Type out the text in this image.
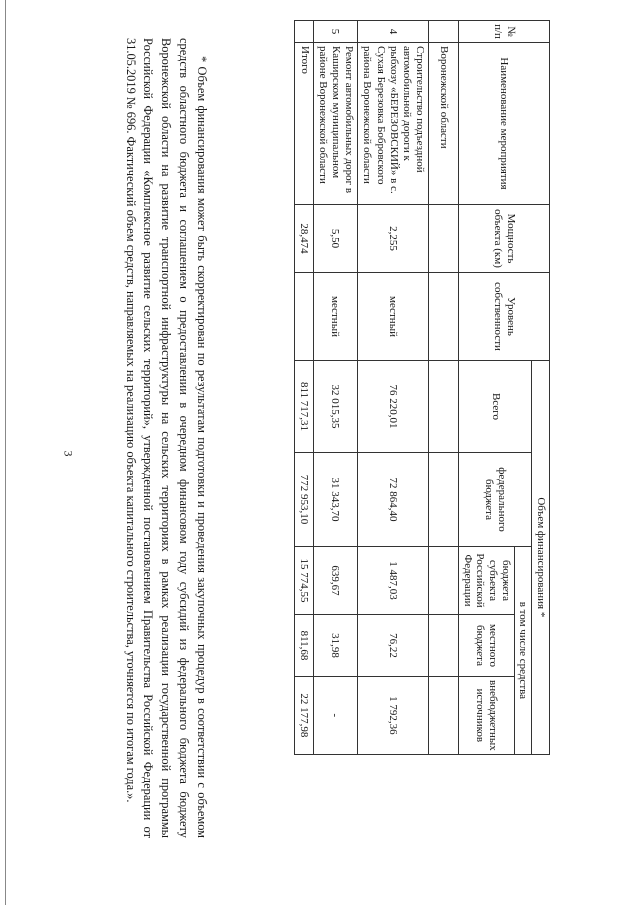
3
№ п/п	Наименование мероприятия	Мощность объекта (км)	Уровень собственности	Объем финансирования *				
				Всего	федерального бюджета	в том числе средства		
						бюджета субъекта Российской Федерации	местного бюджета	внебюджетных источников
	Воронежской области							
4	Строительство подъездной автомобильной дороги к рыбхозу «БЕРЕЗОВСКИЙ» в с. Сухая Березовка Бобровского района Воронежской области	2,255	местный	76 220,01	72 864,40	1 487,03	76,22	1 792,36
5	Ремонт автомобильных дорог в Каширском муниципальном районе Воронежской области	5,50	местный	32 015,35	31 343,70	639,67	31,98	-
	Итого	28,474		811 717,31	772 953,10	15 774,55	811,68	22 177,98

* Объем финансирования может быть скорректирован по результатам подготовки и проведения закупочных процедур в соответствии с объемом средств областного бюджета и соглашением о предоставлении в очередном финансовом году субсидий из федерального бюджета бюджету Воронежской области на развитие транспортной инфраструктуры на сельских территориях в рамках реализации государственной программы Российской Федерации «Комплексное развитие сельских территорий», утвержденной постановлением Правительства Российской Федерации от 31.05.2019 № 696. Фактический объем средств, направляемых на реализацию объекта капитального строительства, уточняется по итогам года.».
